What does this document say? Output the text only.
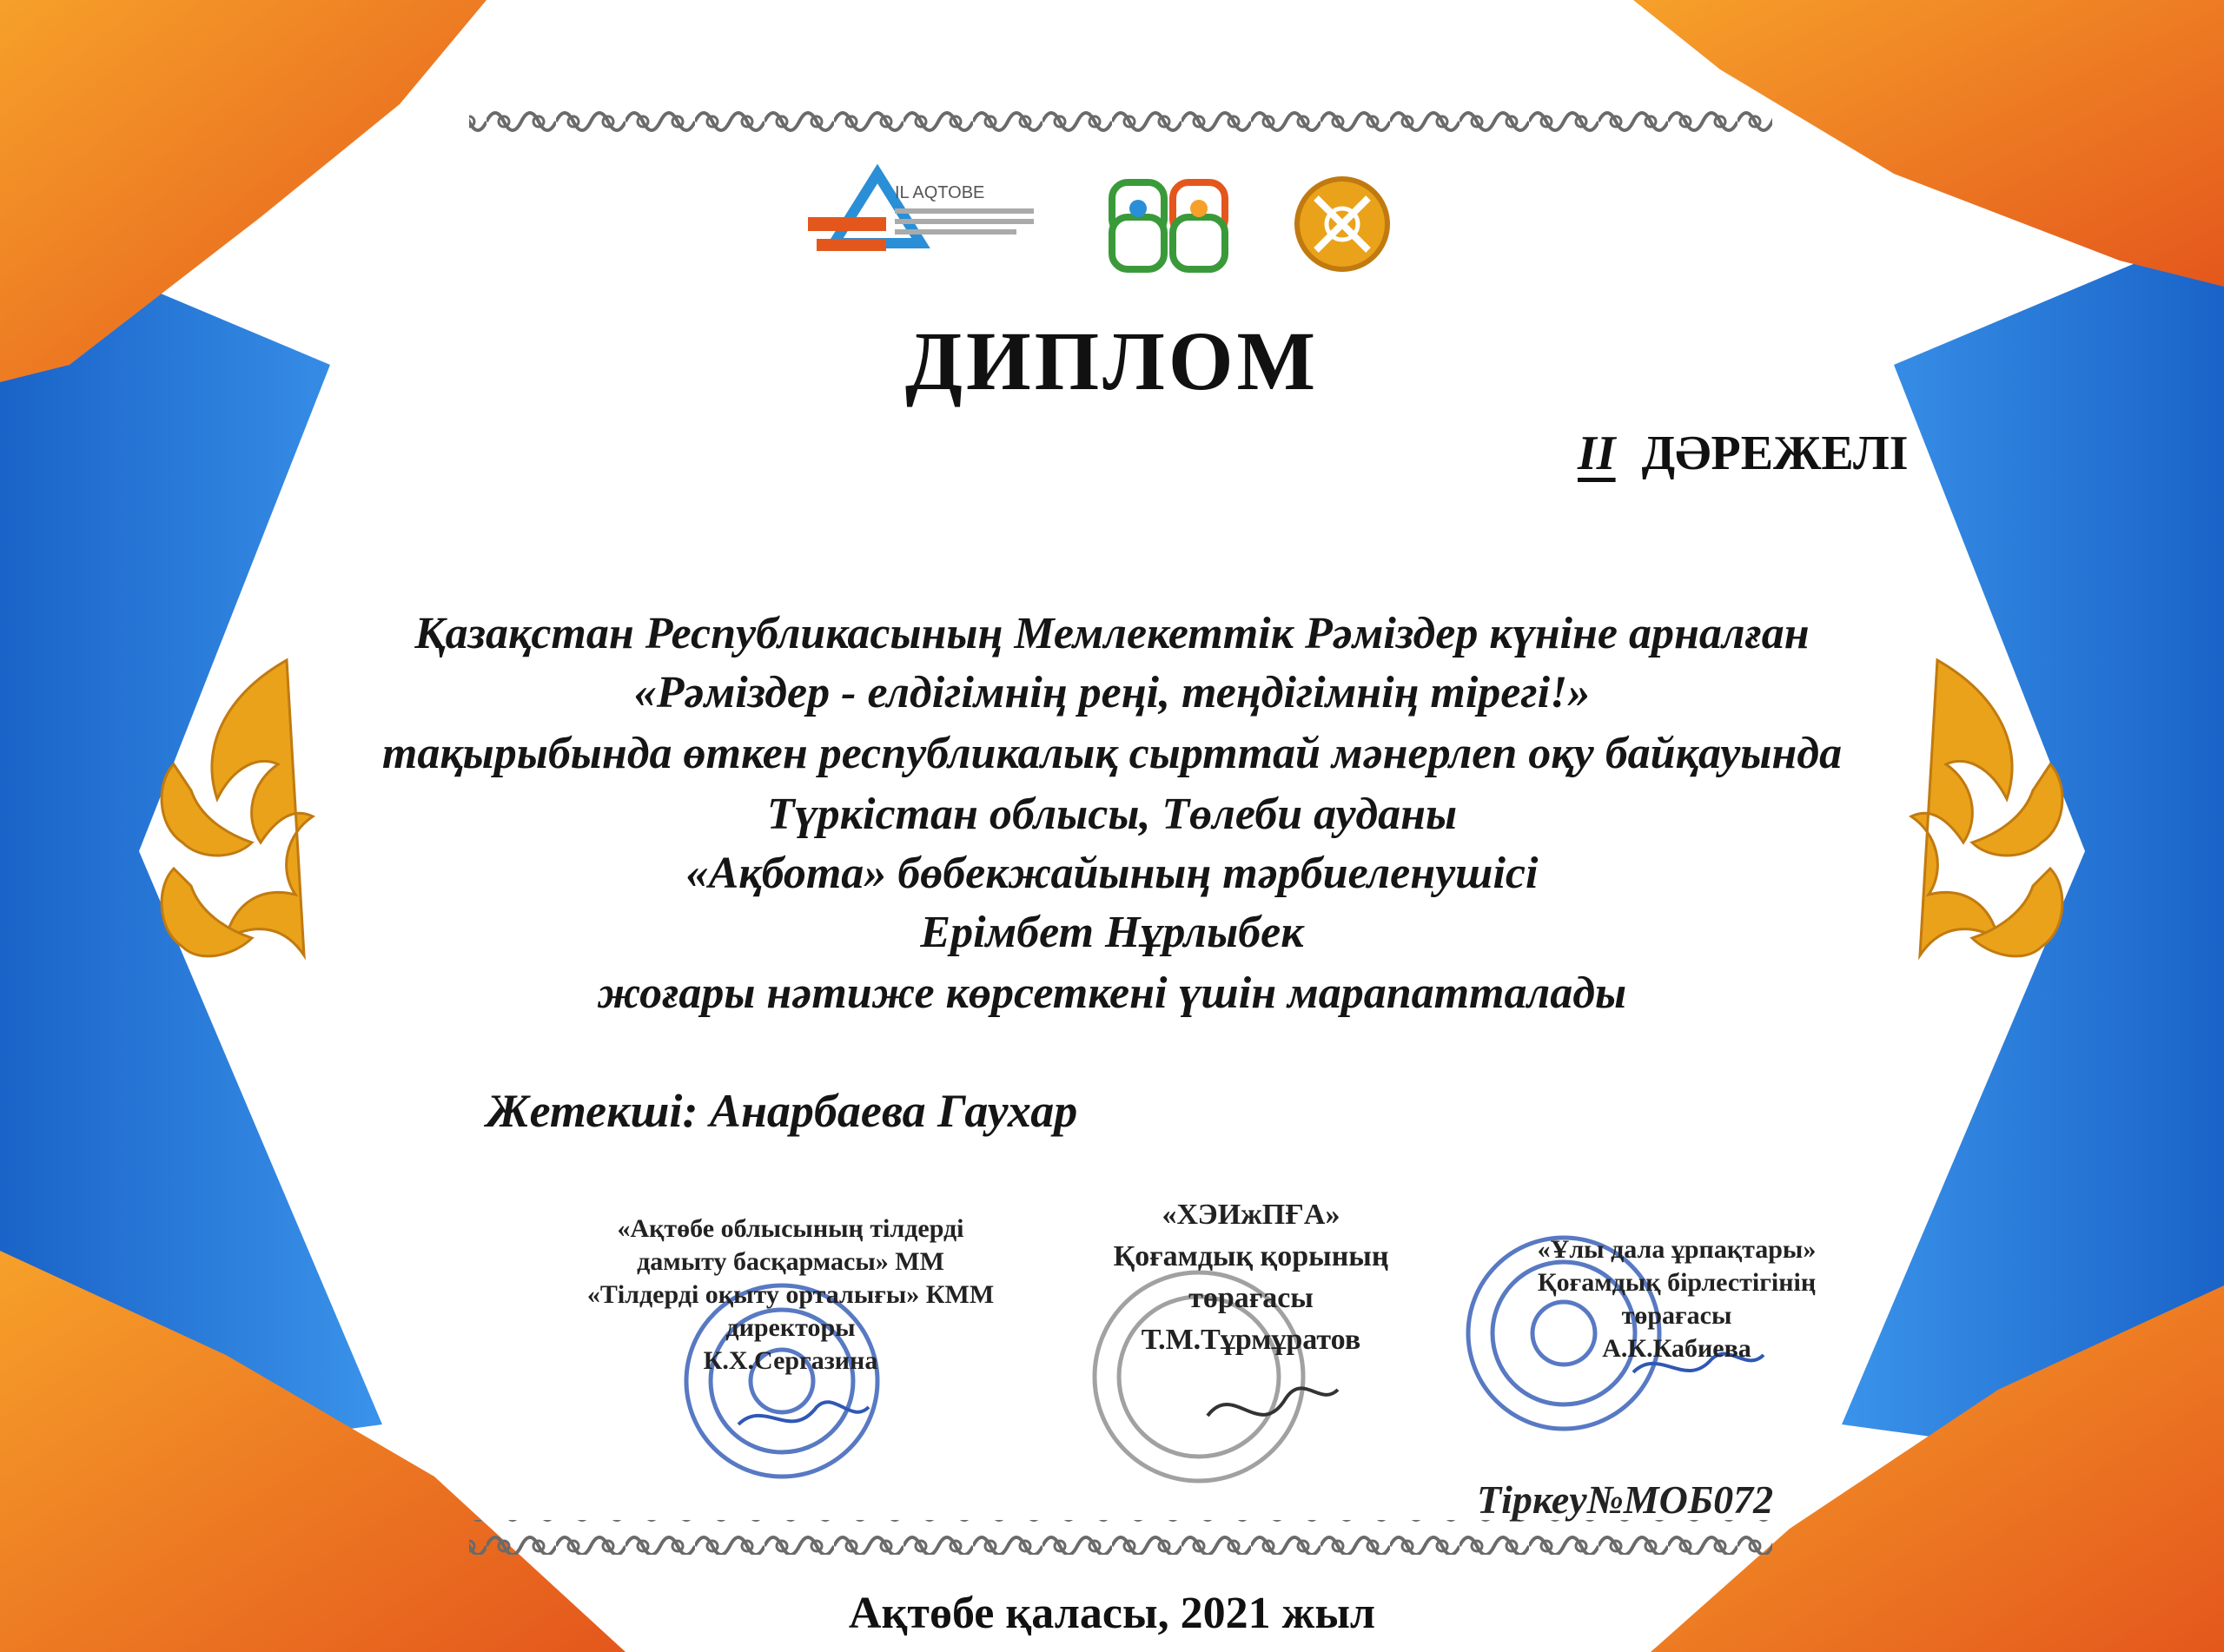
IL AQTOBE
ДИПЛОМ
II ДӘРЕЖЕЛІ
Қазақстан Республикасының Мемлекеттік Рәміздер күніне арналған
«Рәміздер - елдігімнің реңі, теңдігімнің тірегі!»
тақырыбында өткен республикалық сырттай мәнерлеп оқу байқауында
Түркістан облысы, Төлеби ауданы
«Ақбота» бөбекжайының тәрбиеленушісі
Ерімбет Нұрлыбек
жоғары нәтиже көрсеткені үшін марапатталады
Жетекші: Анарбаева Гаухар
«Ақтөбе облысының тілдерді
дамыту басқармасы» ММ
«Тілдерді оқыту орталығы» КММ
директоры
К.Х.Сергазина
«ХЭИжПҒА»
Қоғамдық қорының
төрағасы
Т.М.Тұрмұратов
«Ұлы дала ұрпақтары»
Қоғамдық бірлестігінің
төрағасы
А.К.Кабиева
Тіркеу№МОБ072
Ақтөбе қаласы, 2021 жыл
